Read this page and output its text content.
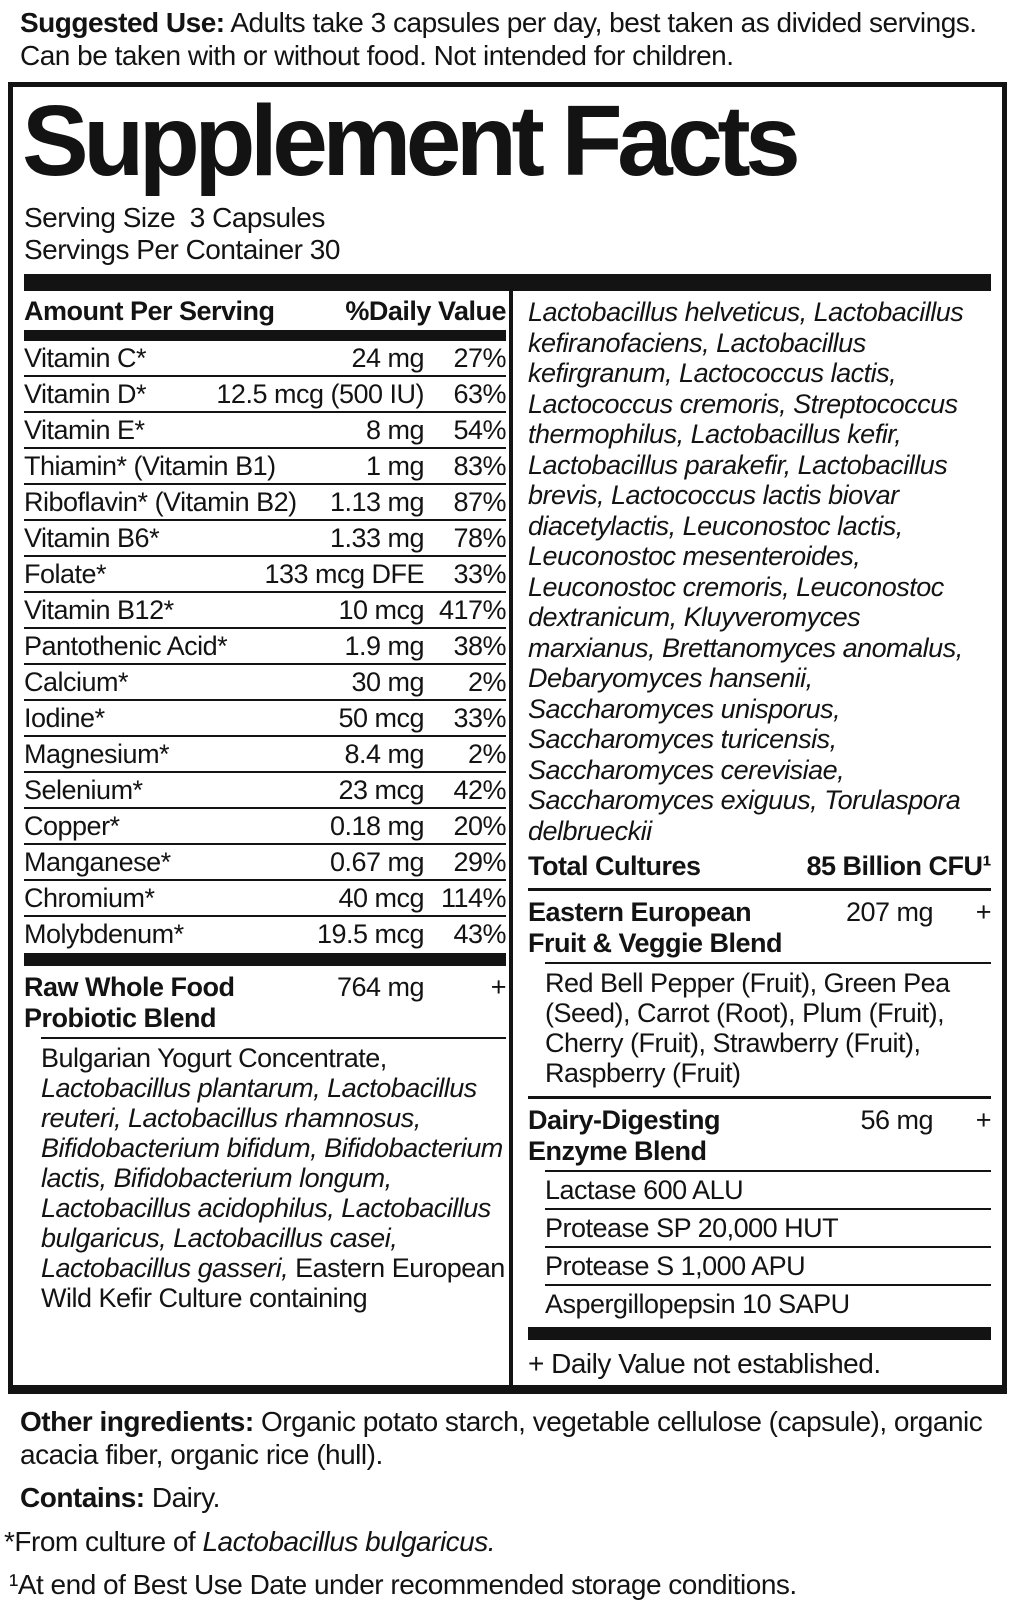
Suggested Use: Adults take 3 capsules per day, best taken as divided servings. Can be taken with or without food. Not intended for children.
Supplement Facts
Serving Size  3 Capsules
Servings Per Container 30
Amount Per Serving	%Daily Value
Vitamin C*	24 mg	27%
Vitamin D*	12.5 mcg (500 IU)	63%
Vitamin E*	8 mg	54%
Thiamin* (Vitamin B1)	1 mg	83%
Riboflavin* (Vitamin B2)	1.13 mg	87%
Vitamin B6*	1.33 mg	78%
Folate*	133 mcg DFE	33%
Vitamin B12*	10 mcg 417%
Pantothenic Acid*	1.9 mg	38%
Calcium*	30 mg	2%
Iodine*	50 mcg	33%
Magnesium*	8.4 mg	2%
Selenium*	23 mcg	42%
Copper*	0.18 mg	20%
Manganese*	0.67 mg	29%
Chromium*	40 mcg 114%
Molybdenum*	19.5 mcg	43%
Raw Whole Food
Probiotic Blend
764 mg	+
Bulgarian Yogurt Concentrate, Lactobacillus plantarum, Lactobacillus reuteri, Lactobacillus rhamnosus, Bifidobacterium bifidum, Bifidobacterium lactis, Bifidobacterium longum, Lactobacillus acidophilus, Lactobacillus bulgaricus, Lactobacillus casei, Lactobacillus gasseri, Eastern European Wild Kefir Culture containing
Lactobacillus helveticus, Lactobacillus kefiranofaciens, Lactobacillus kefirgranum, Lactococcus lactis, Lactococcus cremoris, Streptococcus thermophilus, Lactobacillus kefir, Lactobacillus parakefir, Lactobacillus brevis, Lactococcus lactis biovar diacetylactis, Leuconostoc lactis, Leuconostoc mesenteroides, Leuconostoc cremoris, Leuconostoc dextranicum, Kluyveromyces marxianus, Brettanomyces anomalus, Debaryomyces hansenii, Saccharomyces unisporus, Saccharomyces turicensis, Saccharomyces cerevisiae, Saccharomyces exiguus, Torulaspora delbrueckii
Total Cultures	85 Billion CFU¹
Eastern European
Fruit & Veggie Blend
207 mg	+
Red Bell Pepper (Fruit), Green Pea (Seed), Carrot (Root), Plum (Fruit), Cherry (Fruit), Strawberry (Fruit), Raspberry (Fruit)
Dairy-Digesting
Enzyme Blend
56 mg	+
Lactase 600 ALU
Protease SP 20,000 HUT
Protease S 1,000 APU
Aspergillopepsin 10 SAPU
+ Daily Value not established.
Other ingredients: Organic potato starch, vegetable cellulose (capsule), organic acacia fiber, organic rice (hull).
Contains: Dairy.
*From culture of Lactobacillus bulgaricus.
¹At end of Best Use Date under recommended storage conditions.
